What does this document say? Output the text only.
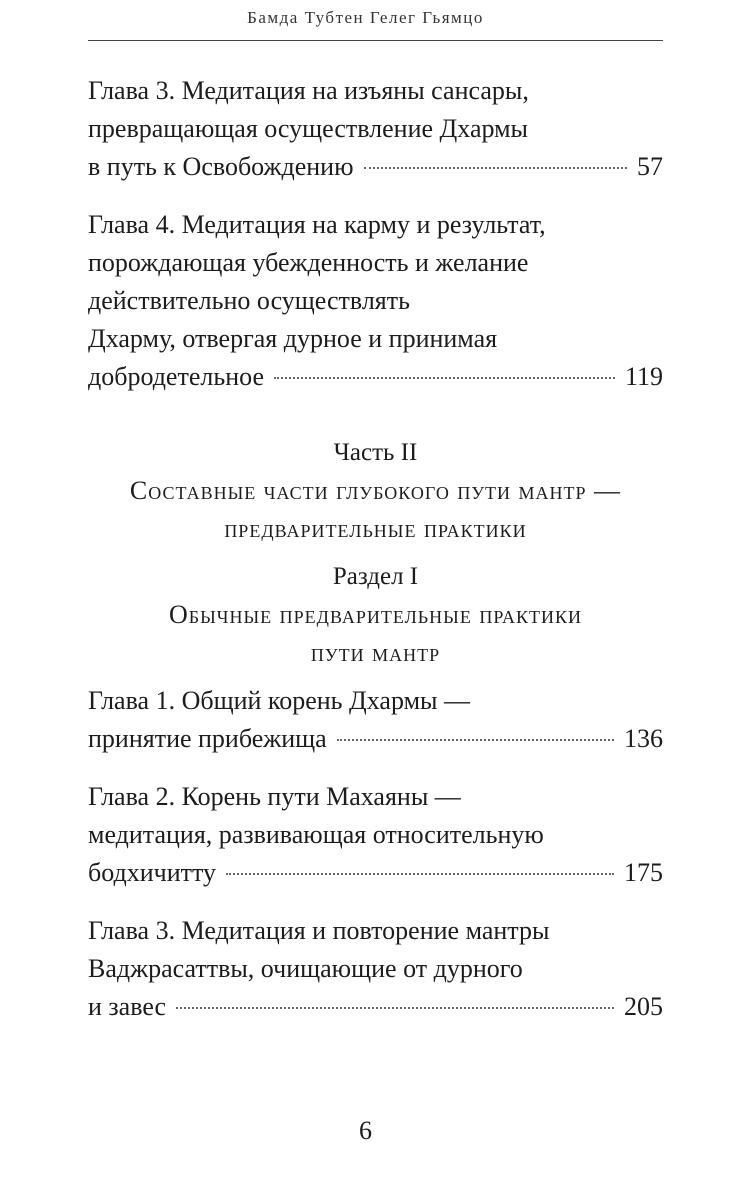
Бамда Тубтен Гелег Гьямцо
Глава 3. Медитация на изъяны сансары,
превращающая осуществление Дхармы
в путь к Освобождению	57
Глава 4. Медитация на карму и результат,
порождающая убежденность и желание
действительно осуществлять
Дхарму, отвергая дурное и принимая
добродетельное	119
Часть II
Составные части глубокого пути мантр —
предварительные практики
Раздел I
Обычные предварительные практики
пути мантр
Глава 1. Общий корень Дхармы —
принятие прибежища	136
Глава 2. Корень пути Махаяны —
медитация, развивающая относительную
бодхичитту	175
Глава 3. Медитация и повторение мантры
Ваджрасаттвы, очищающие от дурного
и завес	205
6
